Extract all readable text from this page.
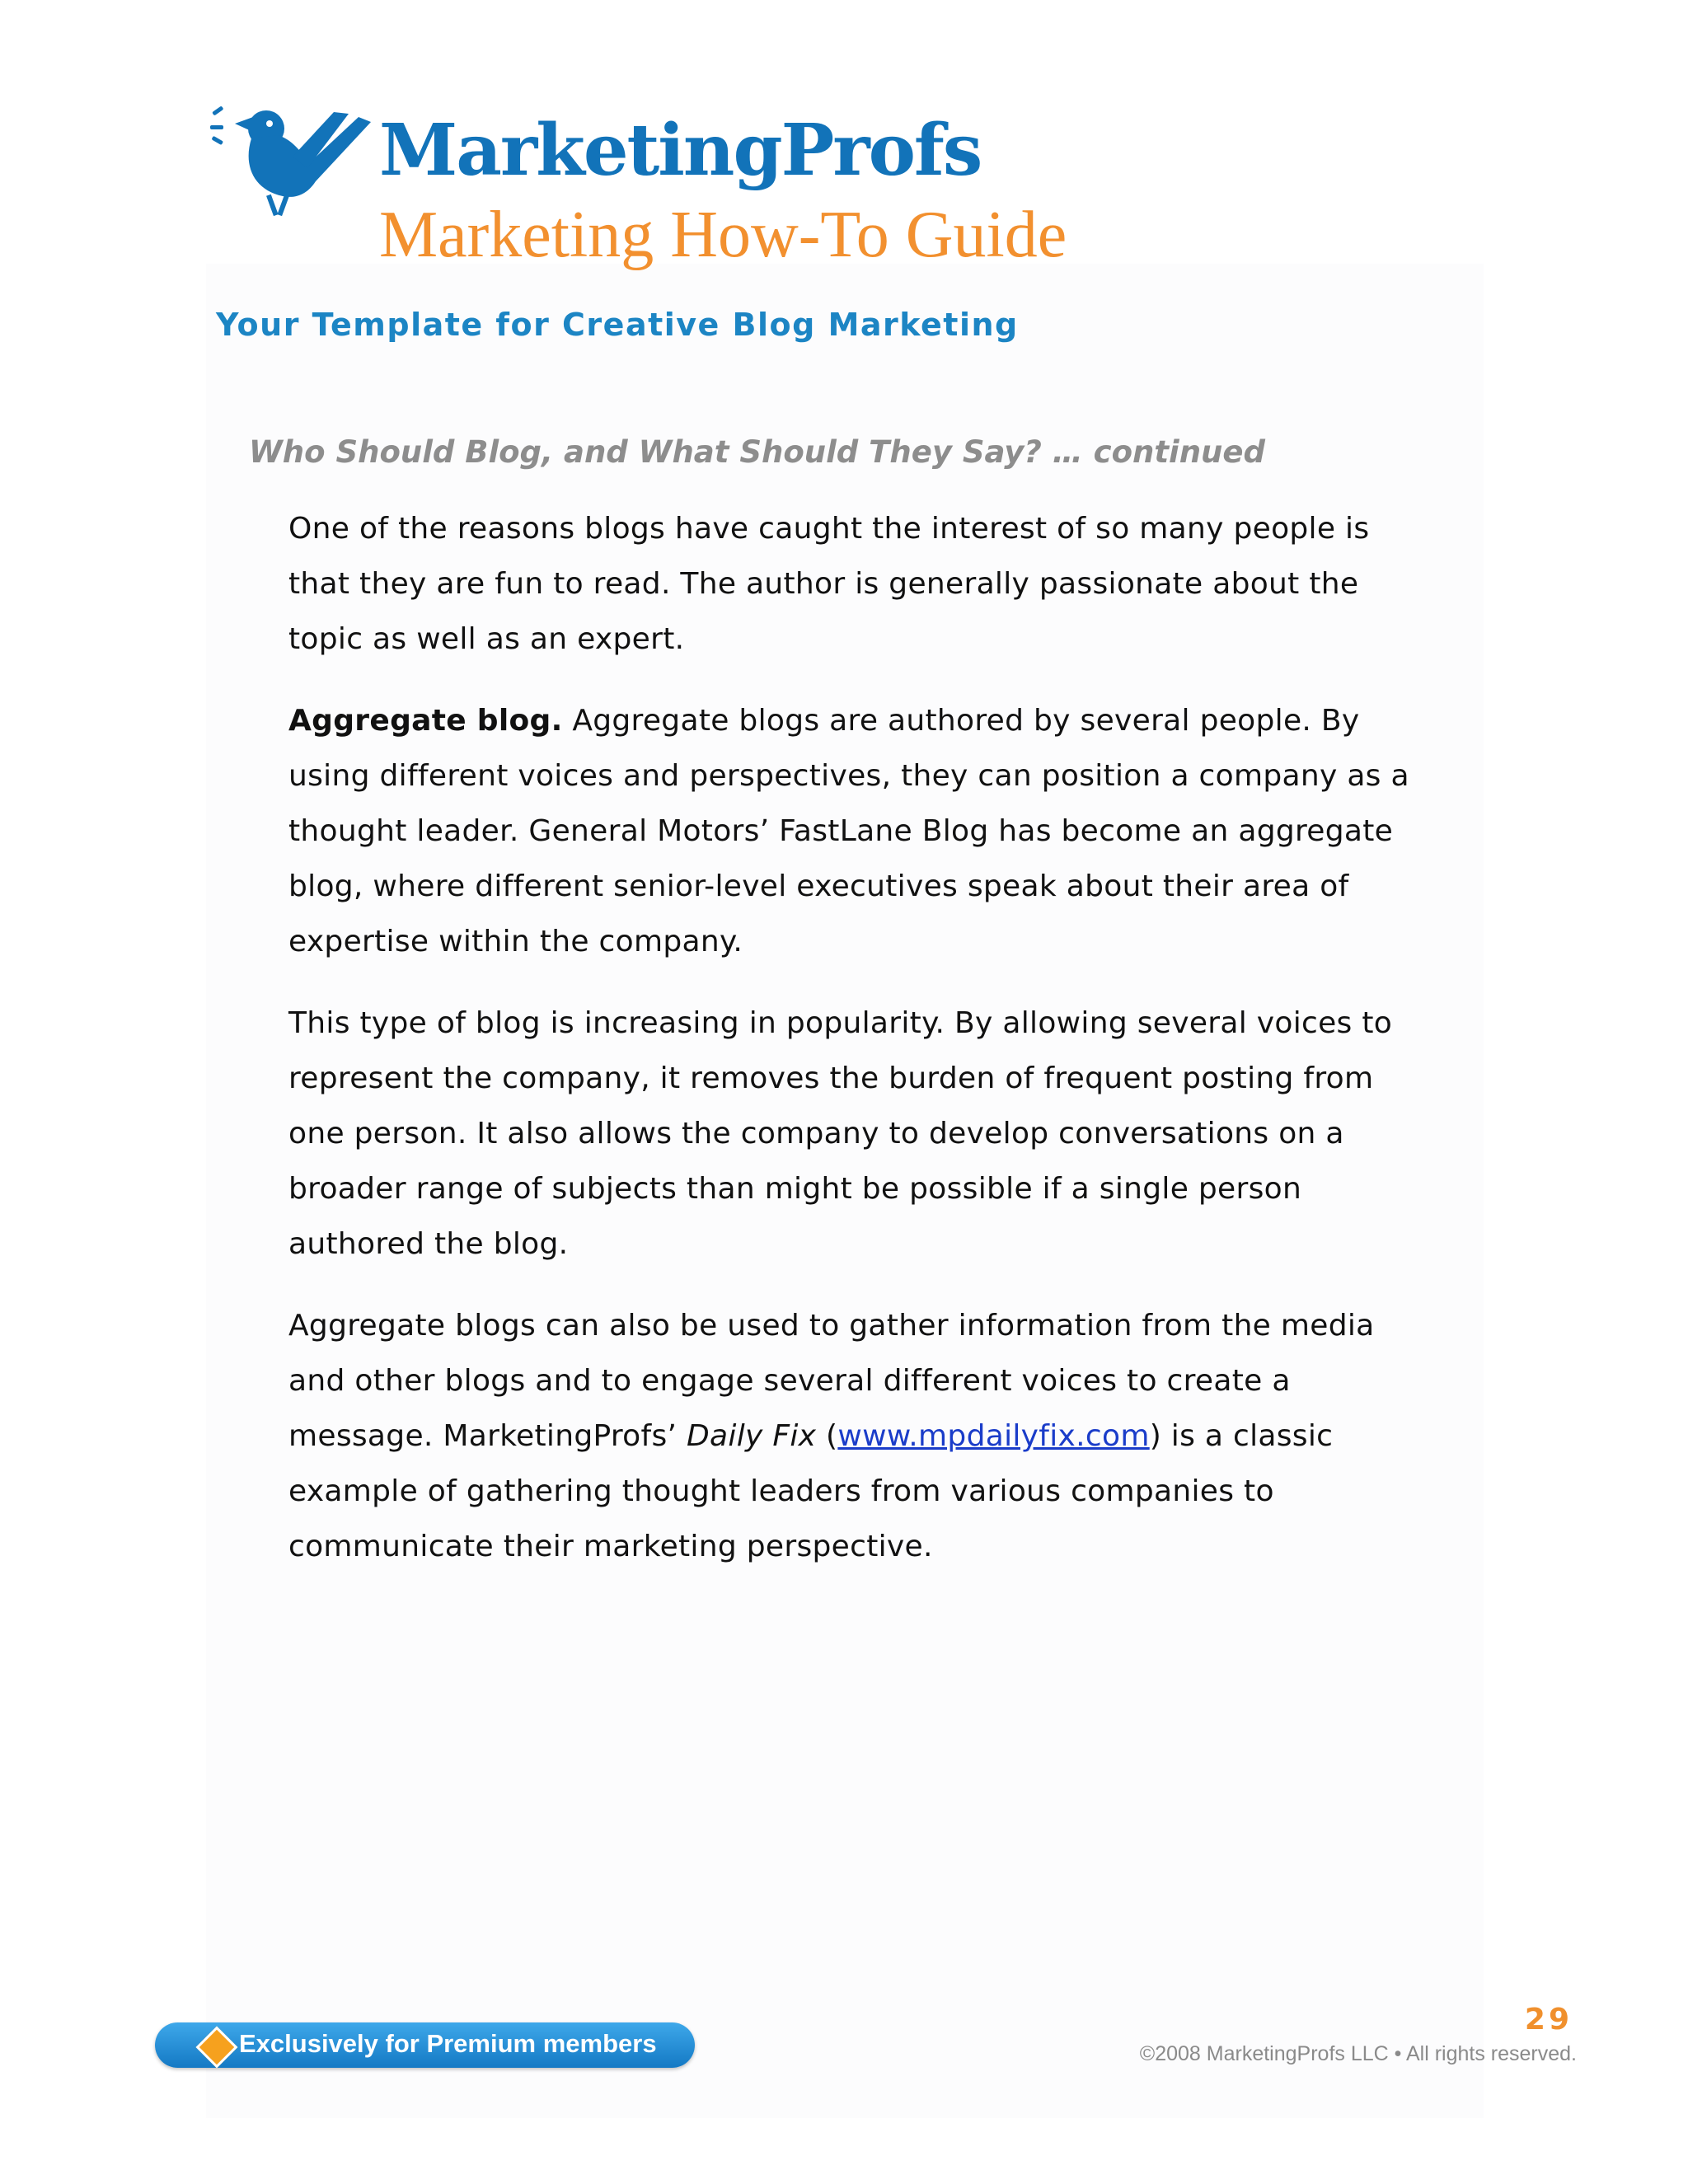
MarketingProfs
Marketing How-To Guide
Your Template for Creative Blog Marketing
Who Should Blog, and What Should They Say? … continued
One of the reasons blogs have caught the interest of so many people is
that they are fun to read. The author is generally passionate about the
topic as well as an expert.
Aggregate blog. Aggregate blogs are authored by several people. By
using different voices and perspectives, they can position a company as a
thought leader. General Motors’ FastLane Blog has become an aggregate
blog, where different senior-level executives speak about their area of
expertise within the company.
This type of blog is increasing in popularity. By allowing several voices to
represent the company, it removes the burden of frequent posting from
one person. It also allows the company to develop conversations on a
broader range of subjects than might be possible if a single person
authored the blog.
Aggregate blogs can also be used to gather information from the media
and other blogs and to engage several different voices to create a
message. MarketingProfs’ Daily Fix (www.mpdailyfix.com) is a classic
example of gathering thought leaders from various companies to
communicate their marketing perspective.
Exclusively for Premium members
29
©2008 MarketingProfs LLC • All rights reserved.
